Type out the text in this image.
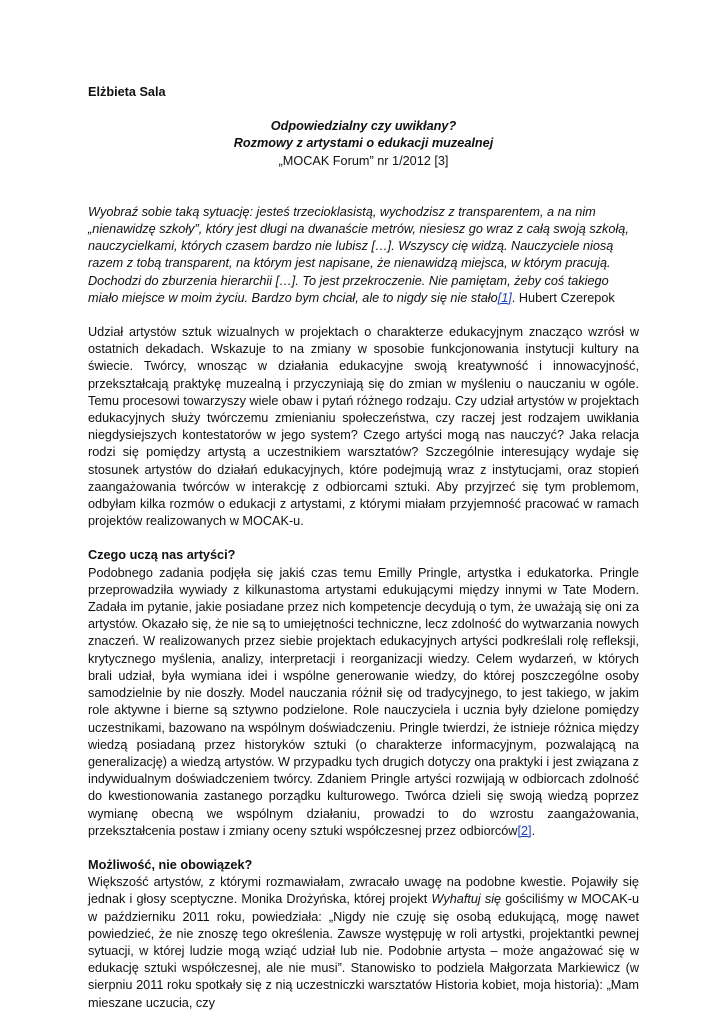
Elżbieta Sala

Odpowiedzialny czy uwikłany?

Rozmowy z artystami o edukacji muzealnej

„MOCAK Forum” nr 1/2012 [3]

Wyobraź sobie taką sytuację: jesteś trzecioklasistą, wychodzisz z transparentem, a na nim „nienawidzę szkoły”, który jest długi na dwanaście metrów, niesiesz go wraz z całą swoją szkołą, nauczycielkami, których czasem bardzo nie lubisz […]. Wszyscy cię widzą. Nauczyciele niosą razem z tobą transparent, na którym jest napisane, że nienawidzą miejsca, w którym pracują. Dochodzi do zburzenia hierarchii […]. To jest przekroczenie. Nie pamiętam, żeby coś takiego miało miejsce w moim życiu. Bardzo bym chciał, ale to nigdy się nie stało[1]. Hubert Czerepok

Udział artystów sztuk wizualnych w projektach o charakterze edukacyjnym znacząco wzrósł w ostatnich dekadach. Wskazuje to na zmiany w sposobie funkcjonowania instytucji kultury na świecie. Twórcy, wnosząc w działania edukacyjne swoją kreatywność i innowacyjność, przekształcają praktykę muzealną i przyczyniają się do zmian w myśleniu o nauczaniu w ogóle. Temu procesowi towarzyszy wiele obaw i pytań różnego rodzaju. Czy udział artystów w projektach edukacyjnych służy twórczemu zmienianiu społeczeństwa, czy raczej jest rodzajem uwikłania niegdysiejszych kontestatorów w jego system? Czego artyści mogą nas nauczyć? Jaka relacja rodzi się pomiędzy artystą a uczestnikiem warsztatów? Szczególnie interesujący wydaje się stosunek artystów do działań edukacyjnych, które podejmują wraz z instytucjami, oraz stopień zaangażowania twórców w interakcję z odbiorcami sztuki. Aby przyjrzeć się tym problemom, odbyłam kilka rozmów o edukacji z artystami, z którymi miałam przyjemność pracować w ramach projektów realizowanych w MOCAK-u.

Czego uczą nas artyści?

Podobnego zadania podjęła się jakiś czas temu Emilly Pringle, artystka i edukatorka. Pringle przeprowadziła wywiady z kilkunastoma artystami edukującymi między innymi w Tate Modern. Zadała im pytanie, jakie posiadane przez nich kompetencje decydują o tym, że uważają się oni za artystów. Okazało się, że nie są to umiejętności techniczne, lecz zdolność do wytwarzania nowych znaczeń. W realizowanych przez siebie projektach edukacyjnych artyści podkreślali rolę refleksji, krytycznego myślenia, analizy, interpretacji i reorganizacji wiedzy. Celem wydarzeń, w których brali udział, była wymiana idei i wspólne generowanie wiedzy, do której poszczególne osoby samodzielnie by nie doszły. Model nauczania różnił się od tradycyjnego, to jest takiego, w jakim role aktywne i bierne są sztywno podzielone. Role nauczyciela i ucznia były dzielone pomiędzy uczestnikami, bazowano na wspólnym doświadczeniu. Pringle twierdzi, że istnieje różnica między wiedzą posiadaną przez historyków sztuki (o charakterze informacyjnym, pozwalającą na generalizację) a wiedzą artystów. W przypadku tych drugich dotyczy ona praktyki i jest związana z indywidualnym doświadczeniem twórcy. Zdaniem Pringle artyści rozwijają w odbiorcach zdolność do kwestionowania zastanego porządku kulturowego. Twórca dzieli się swoją wiedzą poprzez wymianę obecną we wspólnym działaniu, prowadzi to do wzrostu zaangażowania, przekształcenia postaw i zmiany oceny sztuki współczesnej przez odbiorców[2].

Możliwość, nie obowiązek?

Większość artystów, z którymi rozmawiałam, zwracało uwagę na podobne kwestie. Pojawiły się jednak i głosy sceptyczne. Monika Drożyńska, której projekt Wyhaftuj się gościliśmy w MOCAK-u w październiku 2011 roku, powiedziała: „Nigdy nie czuję się osobą edukującą, mogę nawet powiedzieć, że nie znoszę tego określenia. Zawsze występuję w roli artystki, projektantki pewnej sytuacji, w której ludzie mogą wziąć udział lub nie. Podobnie artysta – może angażować się w edukację sztuki współczesnej, ale nie musi”. Stanowisko to podziela Małgorzata Markiewicz (w sierpniu 2011 roku spotkały się z nią uczestniczki warsztatów Historia kobiet, moja historia): „Mam mieszane uczucia, czy
